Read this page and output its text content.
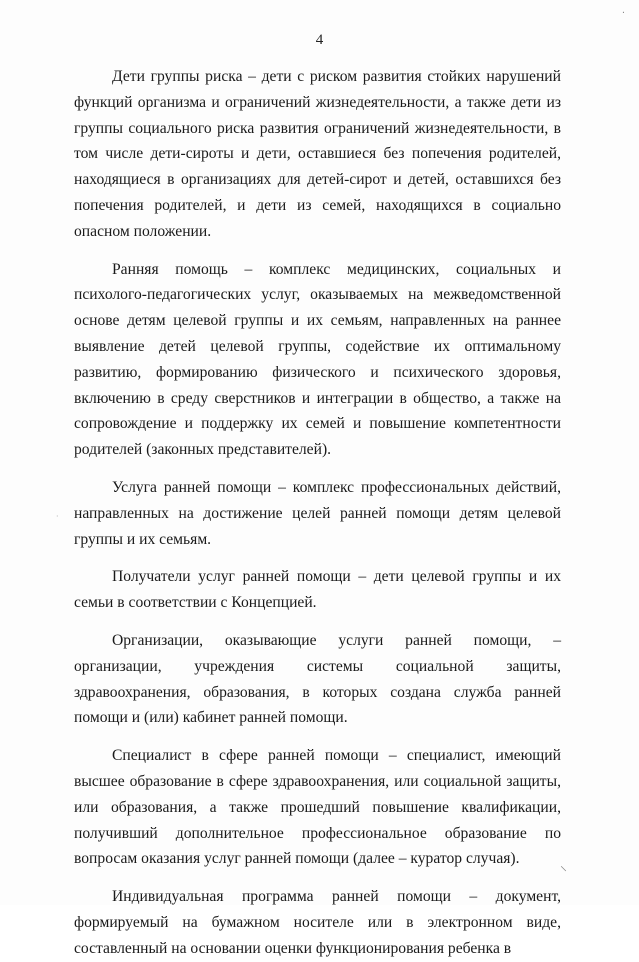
·
4

Дети группы риска – дети с риском развития стойких нарушений функций организма и ограничений жизнедеятельности, а также дети из группы социального риска развития ограничений жизнедеятельности, в том числе дети-сироты и дети, оставшиеся без попечения родителей, находящиеся в организациях для детей-сирот и детей, оставшихся без попечения родителей, и дети из семей, находящихся в социально опасном положении.

Ранняя помощь – комплекс медицинских, социальных и психолого-педагогических услуг, оказываемых на межведомственной основе детям целевой группы и их семьям, направленных на раннее выявление детей целевой группы, содействие их оптимальному развитию, формированию физического и психического здоровья, включению в среду сверстников и интеграции в общество, а также на сопровождение и поддержку их семей и повышение компетентности родителей (законных представителей).

Услуга ранней помощи – комплекс профессиональных действий, направленных на достижение целей ранней помощи детям целевой группы и их семьям.

Получатели услуг ранней помощи – дети целевой группы и их семьи в соответствии с Концепцией.

Организации, оказывающие услуги ранней помощи, – организации, учреждения системы социальной защиты, здравоохранения, образования, в которых создана служба ранней помощи и (или) кабинет ранней помощи.

Специалист в сфере ранней помощи – специалист, имеющий высшее образование в сфере здравоохранения, или социальной защиты, или образования, а также прошедший повышение квалификации, получивший дополнительное профессиональное образование по вопросам оказания услуг ранней помощи (далее – куратор случая).

Индивидуальная программа ранней помощи – документ, формируемый на бумажном носителе или в электронном виде, составленный на основании оценки функционирования ребенка в

·
⸌
